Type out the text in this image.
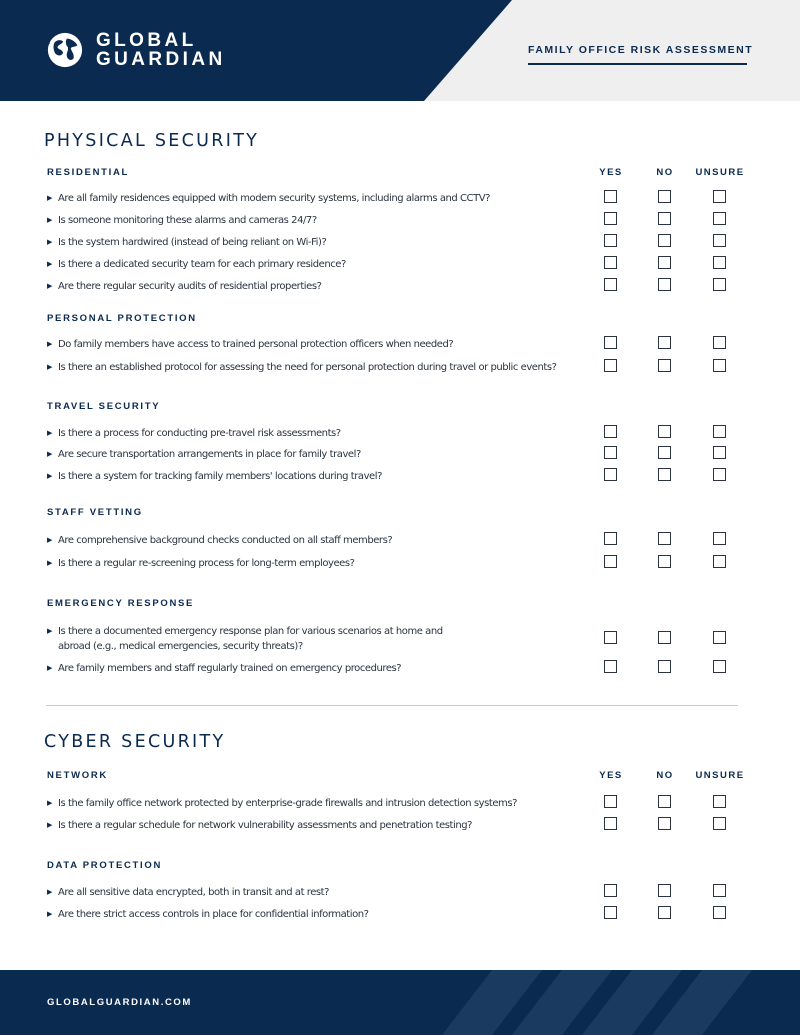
GLOBAL
GUARDIAN	FAMILY OFFICE RISK ASSESSMENT
PHYSICAL SECURITY
YES	NO	UNSURE
RESIDENTIAL
▶ Are all family residences equipped with modern security systems, including alarms and CCTV?
▶ Is someone monitoring these alarms and cameras 24/7?
▶ Is the system hardwired (instead of being reliant on Wi-Fi)?
▶ Is there a dedicated security team for each primary residence?
▶ Are there regular security audits of residential properties?
PERSONAL PROTECTION
▶ Do family members have access to trained personal protection officers when needed?
▶ Is there an established protocol for assessing the need for personal protection during travel or public events?
TRAVEL SECURITY
▶ Is there a process for conducting pre-travel risk assessments?
▶ Are secure transportation arrangements in place for family travel?
▶ Is there a system for tracking family members' locations during travel?
STAFF VETTING
▶ Are comprehensive background checks conducted on all staff members?
▶ Is there a regular re-screening process for long-term employees?
EMERGENCY RESPONSE
▶ Is there a documented emergency response plan for various scenarios at home and
abroad (e.g., medical emergencies, security threats)?
▶ Are family members and staff regularly trained on emergency procedures?
CYBER SECURITY
YES	NO	UNSURE
NETWORK
▶ Is the family office network protected by enterprise-grade firewalls and intrusion detection systems?
▶ Is there a regular schedule for network vulnerability assessments and penetration testing?
DATA PROTECTION
▶ Are all sensitive data encrypted, both in transit and at rest?
▶ Are there strict access controls in place for confidential information?
GLOBALGUARDIAN.COM
